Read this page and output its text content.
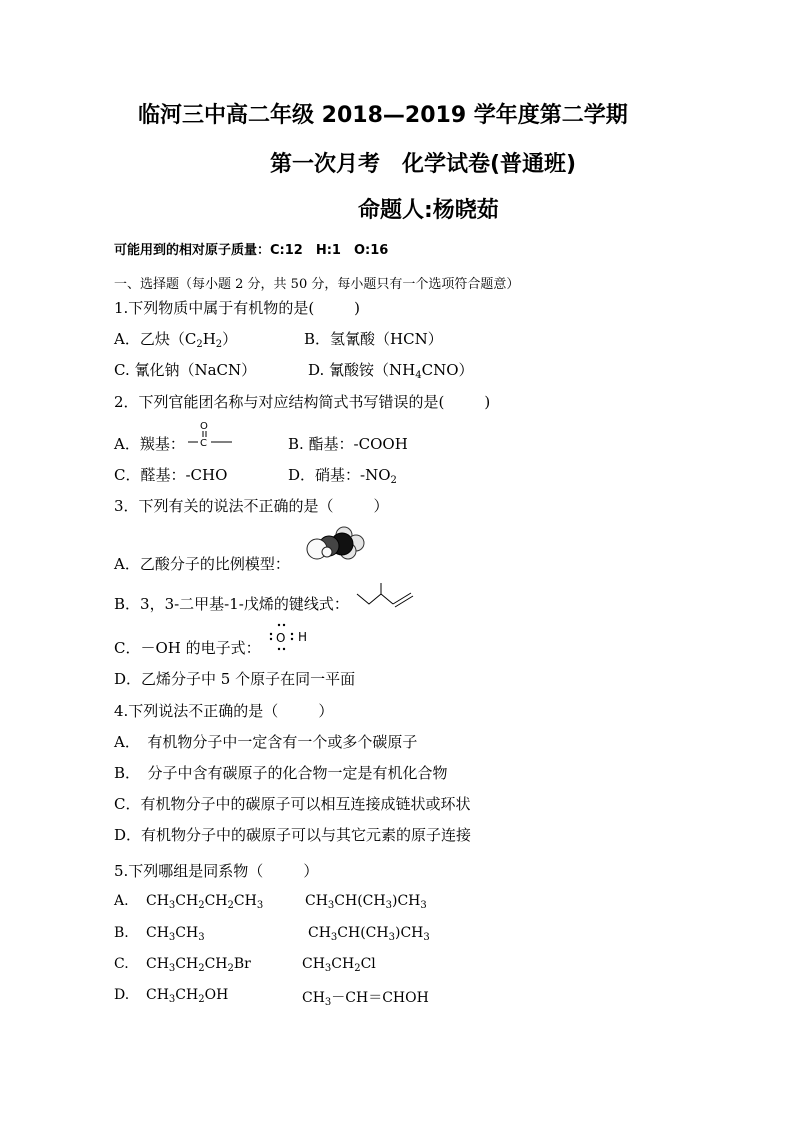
临河三中高二年级 2018—2019 学年度第二学期
第一次月考　化学试卷(普通班)
命题人:杨晓茹
可能用到的相对原子质量：C:12　H:1　O:16
一、选择题（每小题 2 分，共 50 分，每小题只有一个选项符合题意）
1.下列物质中属于有机物的是(	)
A．乙炔$(C_2H_2)$	B．氢氰酸（HCN）
C. 氰化钠（NaCN）	D. 氰酸铵$(NH_4CNO)$
2．下列官能团名称与对应结构简式书写错误的是(	)
A．羰基：
O
C	B. 酯基：-COOH
C．醛基：-CHO	D．硝基：$-NO_2$
3．下列有关的说法不正确的是（	）
A．乙酸分子的比例模型：
B．3，3-二甲基-1-戊烯的键线式：
C．－OH 的电子式：
O H
D．乙烯分子中 5 个原子在同一平面
4.下列说法不正确的是（	）
A．　有机物分子中一定含有一个或多个碳原子
B．　分子中含有碳原子的化合物一定是有机化合物
C．有机物分子中的碳原子可以相互连接成链状或环状
D．有机物分子中的碳原子可以与其它元素的原子连接
5.下列哪组是同系物（	）
A. $CH_3CH_2CH_2CH_3$	$CH_3CH(CH_3)CH_3$
B. $CH_3CH_3$	$CH_3CH(CH_3)CH_3$
C. $CH_3CH_2CH_2Br$	$CH_3CH_2Cl$
D. $CH_3CH_2OH$	$CH_3-CH=CHOH$
